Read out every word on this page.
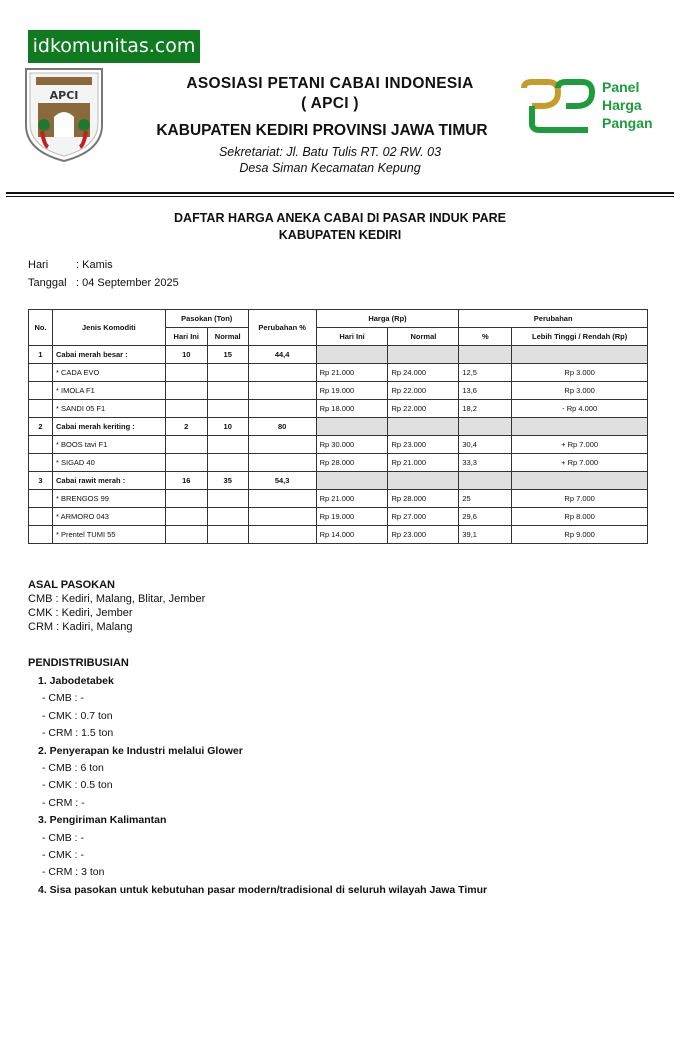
idkomunitas.com
APCI
Panel
Harga
Pangan
ASOSIASI PETANI CABAI INDONESIA
( APCI )
KABUPATEN KEDIRI PROVINSI JAWA TIMUR
Sekretariat: Jl. Batu Tulis RT. 02 RW. 03
Desa Siman Kecamatan Kepung
DAFTAR HARGA ANEKA CABAI DI PASAR INDUK PARE
KABUPATEN KEDIRI
Hari	: Kamis
Tanggal : 04 September 2025
No.	Jenis Komoditi	Pasokan (Ton)		Perubahan %	Harga (Rp)		Perubahan	
		Hari Ini	Normal		Hari Ini	Normal	%	Lebih Tinggi / Rendah (Rp)
1	Cabai merah besar :	10	15	44,4				
	* CADA EVO				Rp 21.000	Rp 24.000	12,5	Rp 3.000
	* IMOLA F1				Rp 19.000	Rp 22.000	13,6	Rp 3.000
	* SANDI 05 F1				Rp 18.000	Rp 22.000	18,2	- Rp 4.000
2	Cabai merah keriting :	2	10	80				
	* BOOS tavi F1				Rp 30.000	Rp 23.000	30,4	+ Rp 7.000
	* SIGAD 40				Rp 28.000	Rp 21.000	33,3	+ Rp 7.000
3	Cabai rawit merah :	16	35	54,3				
	* BRENGOS 99				Rp 21.000	Rp 28.000	25	Rp 7.000
	* ARMORO 043				Rp 19.000	Rp 27.000	29,6	Rp 8.000
	* Prentel TUMI 55				Rp 14.000	Rp 23.000	39,1	Rp 9.000
ASAL PASOKAN
CMB : Kediri, Malang, Blitar, Jember
CMK : Kediri, Jember
CRM : Kadiri, Malang
PENDISTRIBUSIAN
1. Jabodetabek
- CMB : -
- CMK : 0.7 ton
- CRM : 1.5 ton
2. Penyerapan ke Industri melalui Glower
- CMB : 6 ton
- CMK : 0.5 ton
- CRM : -
3. Pengiriman Kalimantan
- CMB : -
- CMK : -
- CRM : 3 ton
4. Sisa pasokan untuk kebutuhan pasar modern/tradisional di seluruh wilayah Jawa Timur
